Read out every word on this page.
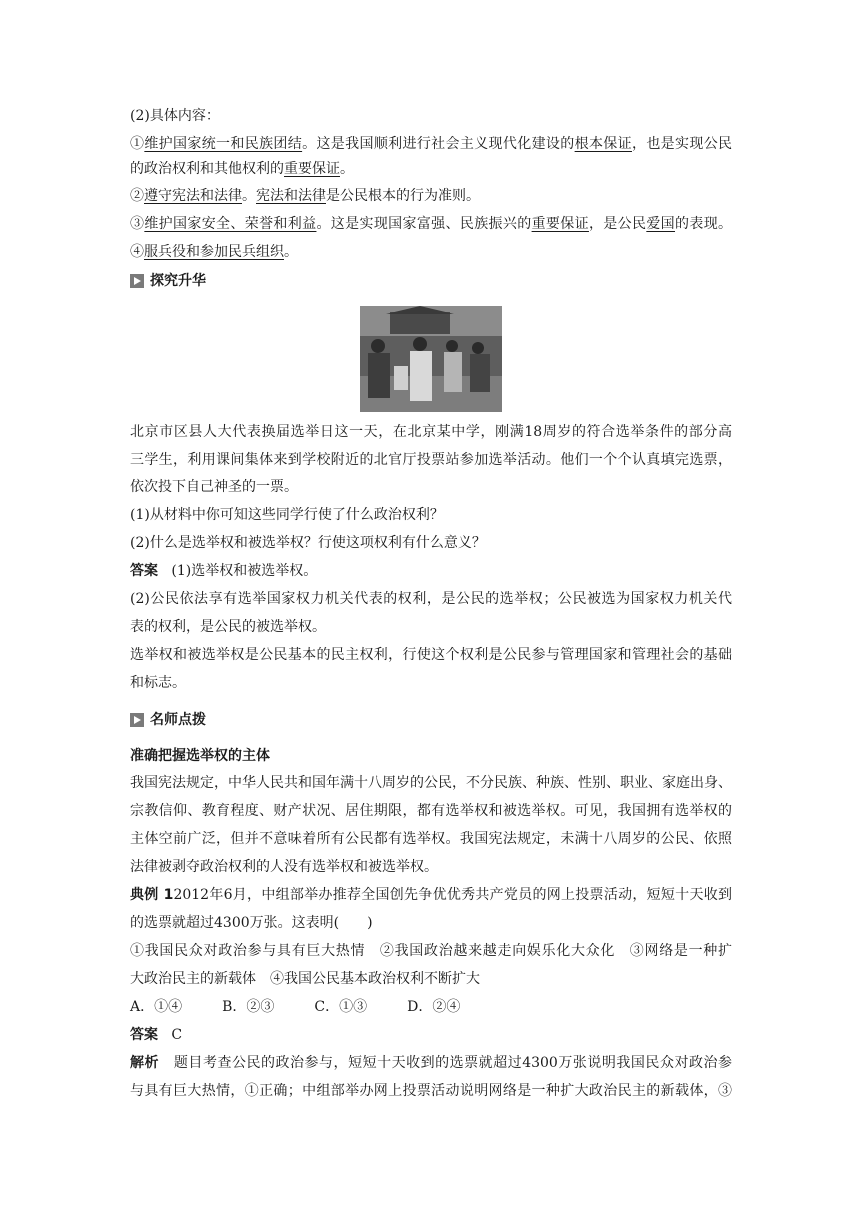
(2)具体内容：
①维护国家统一和民族团结。这是我国顺利进行社会主义现代化建设的根本保证，也是实现公民
的政治权利和其他权利的重要保证。
②遵守宪法和法律。宪法和法律是公民根本的行为准则。
③维护国家安全、荣誉和利益。这是实现国家富强、民族振兴的重要保证，是公民爱国的表现。
④服兵役和参加民兵组织。
探究升华
北京市区县人大代表换届选举日这一天，在北京某中学，刚满18周岁的符合选举条件的部分高
三学生，利用课间集体来到学校附近的北官厅投票站参加选举活动。他们一个个认真填完选票，
依次投下自己神圣的一票。
(1)从材料中你可知这些同学行使了什么政治权利？
(2)什么是选举权和被选举权？行使这项权利有什么意义？
答案 (1)选举权和被选举权。
(2)公民依法享有选举国家权力机关代表的权利，是公民的选举权；公民被选为国家权力机关代
表的权利，是公民的被选举权。
选举权和被选举权是公民基本的民主权利，行使这个权利是公民参与管理国家和管理社会的基础
和标志。
名师点拨
准确把握选举权的主体
我国宪法规定，中华人民共和国年满十八周岁的公民，不分民族、种族、性别、职业、家庭出身、
宗教信仰、教育程度、财产状况、居住期限，都有选举权和被选举权。可见，我国拥有选举权的
主体空前广泛，但并不意味着所有公民都有选举权。我国宪法规定，未满十八周岁的公民、依照
法律被剥夺政治权利的人没有选举权和被选举权。
典例 12012年6月，中组部举办推荐全国创先争优优秀共产党员的网上投票活动，短短十天收到
的选票就超过4300万张。这表明(　　)
①我国民众对政治参与具有巨大热情　②我国政治越来越走向娱乐化大众化　③网络是一种扩
大政治民主的新载体　④我国公民基本政治权利不断扩大
A．①④	B．②③	C．①③	D．②④
答案 C
解析 题目考查公民的政治参与，短短十天收到的选票就超过4300万张说明我国民众对政治参
与具有巨大热情，①正确；中组部举办网上投票活动说明网络是一种扩大政治民主的新载体，③
